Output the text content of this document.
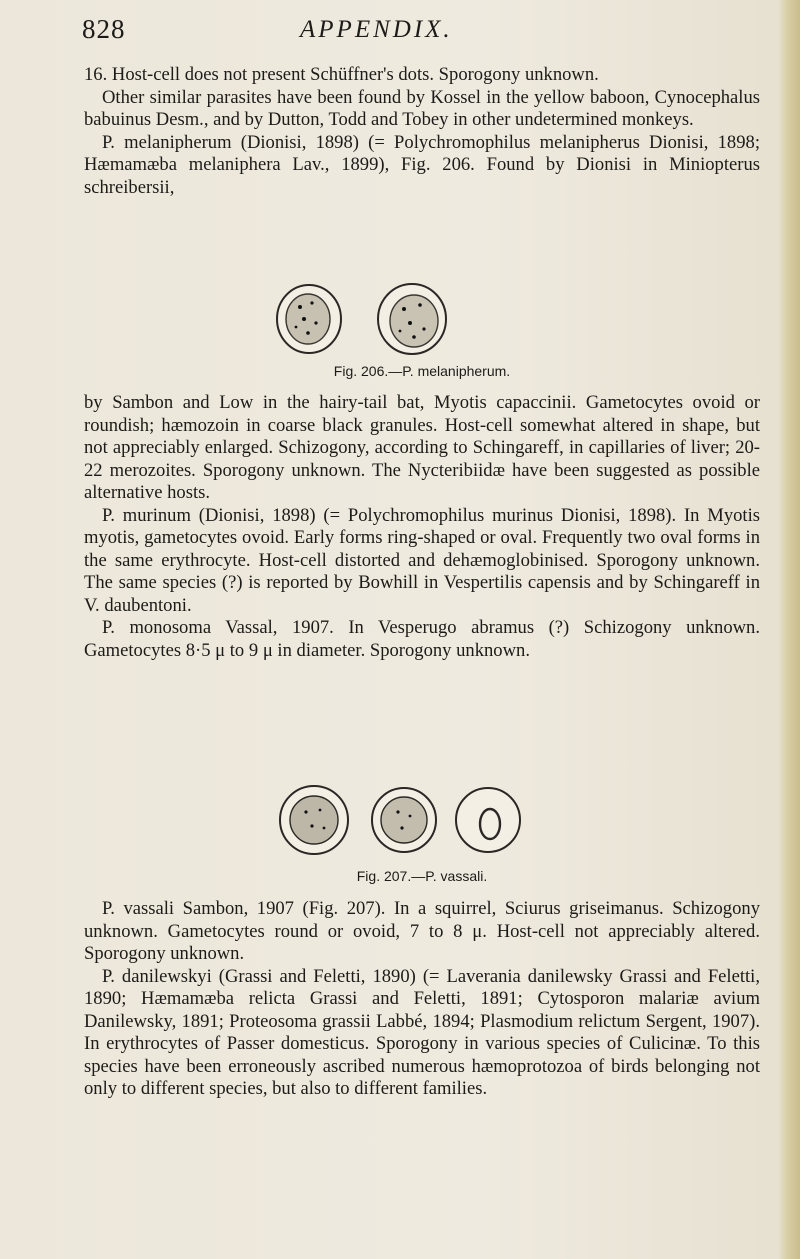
828	APPENDIX.

16. Host-cell does not present Schüffner's dots. Sporogony unknown.

Other similar parasites have been found by Kossel in the yellow baboon, Cynocephalus babuinus Desm., and by Dutton, Todd and Tobey in other undetermined monkeys.

P. melanipherum (Dionisi, 1898) (= Polychromophilus melanipherus Dionisi, 1898; Hæmamæba melaniphera Lav., 1899), Fig. 206. Found by Dionisi in Miniopterus schreibersii,

Fig. 206.—P. melanipherum.

by Sambon and Low in the hairy-tail bat, Myotis capaccinii. Gametocytes ovoid or roundish; hæmozoin in coarse black granules. Host-cell somewhat altered in shape, but not appreciably enlarged. Schizogony, according to Schingareff, in capillaries of liver; 20-22 merozoites. Sporogony unknown. The Nycteribiidæ have been suggested as possible alternative hosts.

P. murinum (Dionisi, 1898) (= Polychromophilus murinus Dionisi, 1898). In Myotis myotis, gametocytes ovoid. Early forms ring-shaped or oval. Frequently two oval forms in the same erythrocyte. Host-cell distorted and dehæmoglobinised. Sporogony unknown. The same species (?) is reported by Bowhill in Vespertilis capensis and by Schingareff in V. daubentoni.

P. monosoma Vassal, 1907. In Vesperugo abramus (?) Schizogony unknown. Gametocytes 8·5 μ to 9 μ in diameter. Sporogony unknown.

Fig. 207.—P. vassali.

P. vassali Sambon, 1907 (Fig. 207). In a squirrel, Sciurus griseimanus. Schizogony unknown. Gametocytes round or ovoid, 7 to 8 μ. Host-cell not appreciably altered. Sporogony unknown.

P. danilewskyi (Grassi and Feletti, 1890) (= Laverania danilewsky Grassi and Feletti, 1890; Hæmamæba relicta Grassi and Feletti, 1891; Cytosporon malariæ avium Danilewsky, 1891; Proteosoma grassii Labbé, 1894; Plasmodium relictum Sergent, 1907). In erythrocytes of Passer domesticus. Sporogony in various species of Culicinæ. To this species have been erroneously ascribed numerous hæmoprotozoa of birds belonging not only to different species, but also to different families.
